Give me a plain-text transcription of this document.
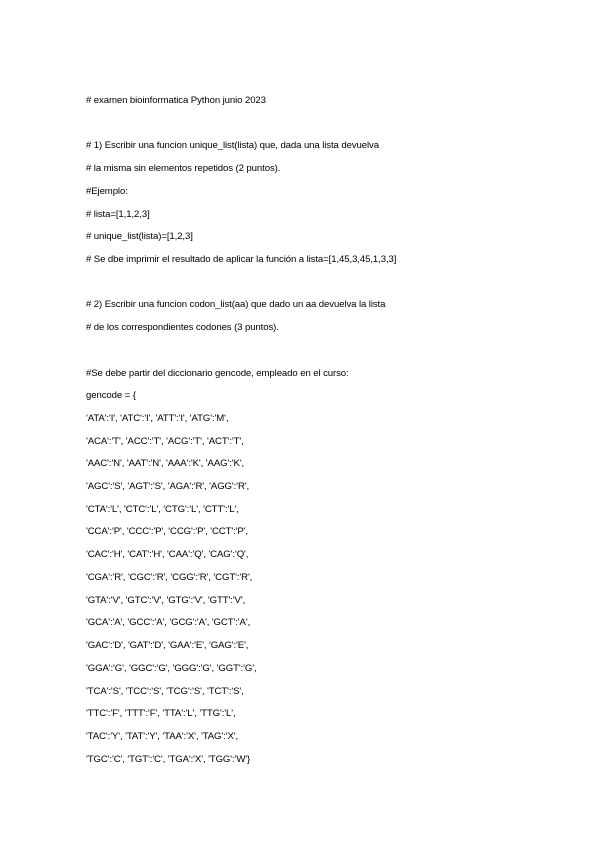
# examen bioinformatica Python junio 2023
# 1) Escribir una funcion unique_list(lista) que, dada una lista devuelva
# la misma sin elementos repetidos (2 puntos).
#Ejemplo:
# lista=[1,1,2,3]
# unique_list(lista)=[1,2,3]
# Se dbe imprimir el resultado de aplicar la función a lista=[1,45,3,45,1,3,3]
# 2) Escribir una funcion codon_list(aa) que dado un aa devuelva la lista
# de los correspondientes codones (3 puntos).
#Se debe partir del diccionario gencode, empleado en el curso:
gencode = {
'ATA':'I', 'ATC':'I', 'ATT':'I', 'ATG':'M',
'ACA':'T', 'ACC':'T', 'ACG':'T', 'ACT':'T',
'AAC':'N', 'AAT':'N', 'AAA':'K', 'AAG':'K',
'AGC':'S', 'AGT':'S', 'AGA':'R', 'AGG':'R',
'CTA':'L', 'CTC':'L', 'CTG':'L', 'CTT':'L',
'CCA':'P', 'CCC':'P', 'CCG':'P', 'CCT':'P',
'CAC':'H', 'CAT':'H', 'CAA':'Q', 'CAG':'Q',
'CGA':'R', 'CGC':'R', 'CGG':'R', 'CGT':'R',
'GTA':'V', 'GTC':'V', 'GTG':'V', 'GTT':'V',
'GCA':'A', 'GCC':'A', 'GCG':'A', 'GCT':'A',
'GAC':'D', 'GAT':'D', 'GAA':'E', 'GAG':'E',
'GGA':'G', 'GGC':'G', 'GGG':'G', 'GGT':'G',
'TCA':'S', 'TCC':'S', 'TCG':'S', 'TCT':'S',
'TTC':'F', 'TTT':'F', 'TTA':'L', 'TTG':'L',
'TAC':'Y', 'TAT':'Y', 'TAA':'X', 'TAG':'X',
'TGC':'C', 'TGT':'C', 'TGA':'X', 'TGG':'W'}
